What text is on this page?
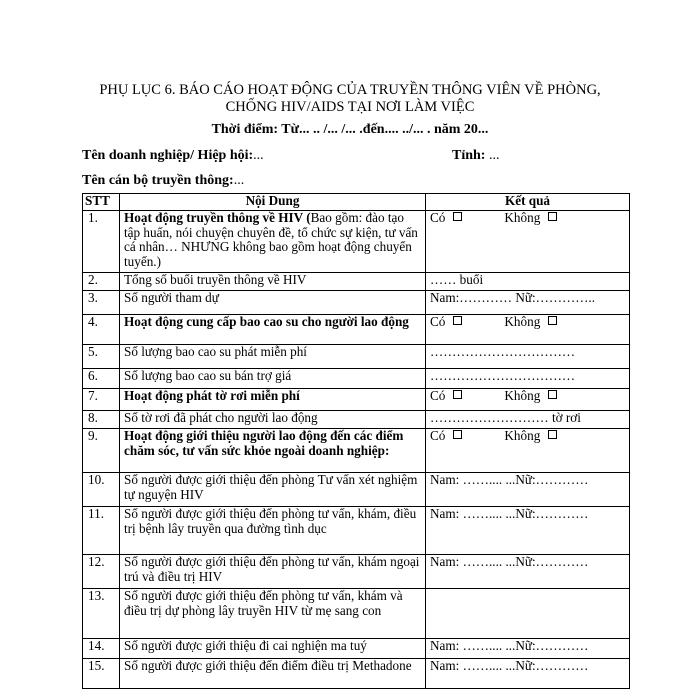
PHỤ LỤC 6. BÁO CÁO HOẠT ĐỘNG CỦA TRUYỀN THÔNG VIÊN VỀ PHÒNG,
CHỐNG HIV/AIDS TẠI NƠI LÀM VIỆC
Thời điểm: Từ... .. /... /... .đến.... ../... . năm 20...
Tên doanh nghiệp/ Hiệp hội:...	Tỉnh: ...
Tên cán bộ truyền thông:...
STT	Nội Dung	Kết quả
1.	Hoạt động truyền thông về HIV (Bao gồm: đào tạo tập huấn, nói chuyện chuyên đề, tổ chức sự kiện, tư vấn cá nhân… NHƯNG không bao gồm hoạt động chuyển tuyến.)	Có Không
2.	Tổng số buổi truyền thông về HIV	…… buổi
3.	Số người tham dự	Nam:………… Nữ:…………..
4.	Hoạt động cung cấp bao cao su cho người lao động	Có Không
5.	Số lượng bao cao su phát miễn phí	……………………………
6.	Số lượng bao cao su bán trợ giá	……………………………
7.	Hoạt động phát tờ rơi miễn phí	Có Không
8.	Số tờ rơi đã phát cho người lao động	……………………… tờ rơi
9.	Hoạt động giới thiệu người lao động đến các điểm chăm sóc, tư vấn sức khỏe ngoài doanh nghiệp:	Có Không
10.	Số người được giới thiệu đến phòng Tư vấn xét nghiệm tự nguyện HIV	Nam: …….... ...Nữ:…………
11.	Số người được giới thiệu đến phòng tư vấn, khám, điều trị bệnh lây truyền qua đường tình dục	Nam: …….... ...Nữ:…………
12.	Số người được giới thiệu đến phòng tư vấn, khám ngoại trú và điều trị HIV	Nam: …….... ...Nữ:…………
13.	Số người được giới thiệu đến phòng tư vấn, khám và điều trị dự phòng lây truyền HIV từ mẹ sang con	
14.	Số người được giới thiệu đi cai nghiện ma tuý	Nam: …….... ...Nữ:…………
15.	Số người được giới thiệu đến điểm điều trị Methadone	Nam: …….... ...Nữ:…………
